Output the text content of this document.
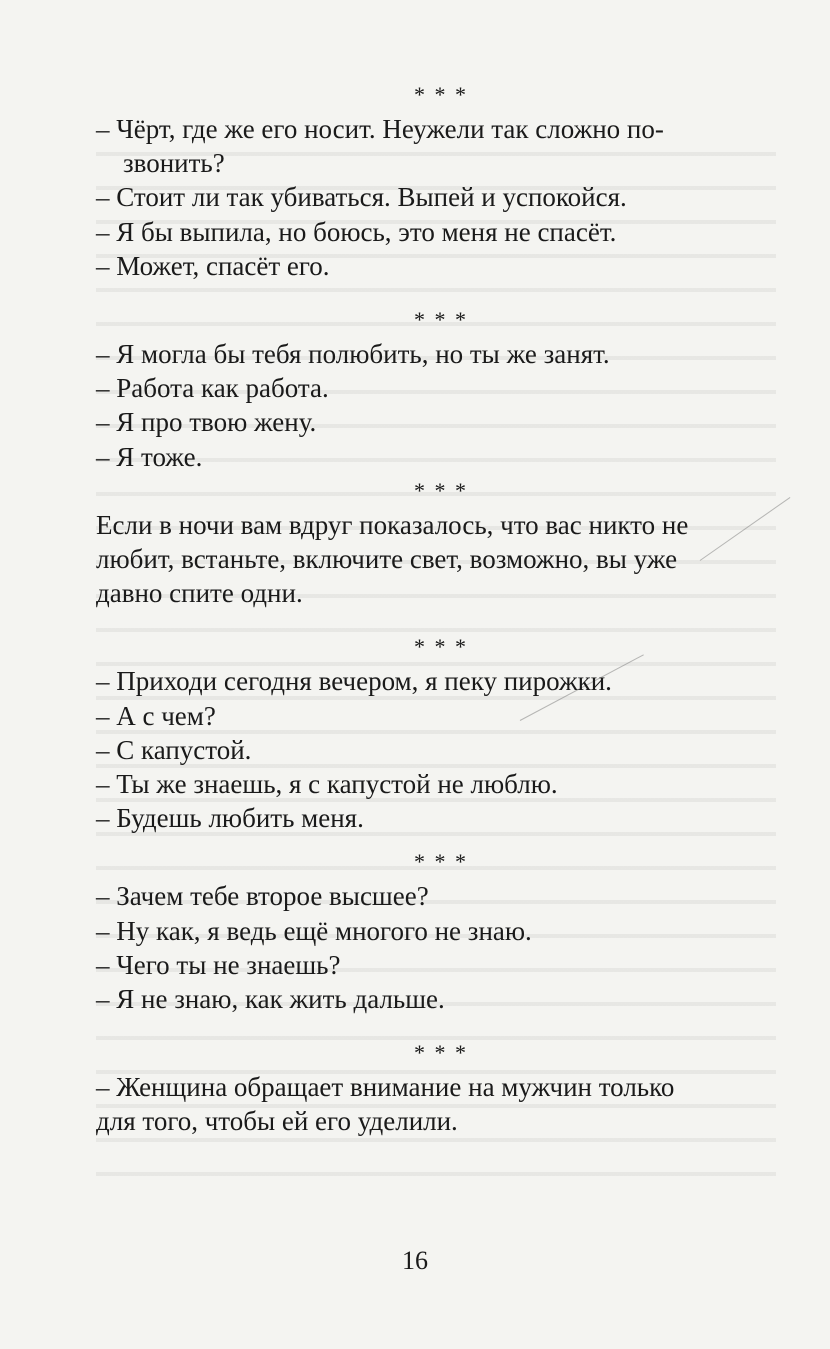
* * *
– Чёрт, где же его носит. Неужели так сложно по-
звонить?
– Стоит ли так убиваться. Выпей и успокойся.
– Я бы выпила, но боюсь, это меня не спасёт.
– Может, спасёт его.
* * *
– Я могла бы тебя полюбить, но ты же занят.
– Работа как работа.
– Я про твою жену.
– Я тоже.
* * *
Если в ночи вам вдруг показалось, что вас никто не
любит, встаньте, включите свет, возможно, вы уже
давно спите одни.
* * *
– Приходи сегодня вечером, я пеку пирожки.
– А с чем?
– С капустой.
– Ты же знаешь, я с капустой не люблю.
– Будешь любить меня.
* * *
– Зачем тебе второе высшее?
– Ну как, я ведь ещё многого не знаю.
– Чего ты не знаешь?
– Я не знаю, как жить дальше.
* * *
– Женщина обращает внимание на мужчин только
для того, чтобы ей его уделили.
16
